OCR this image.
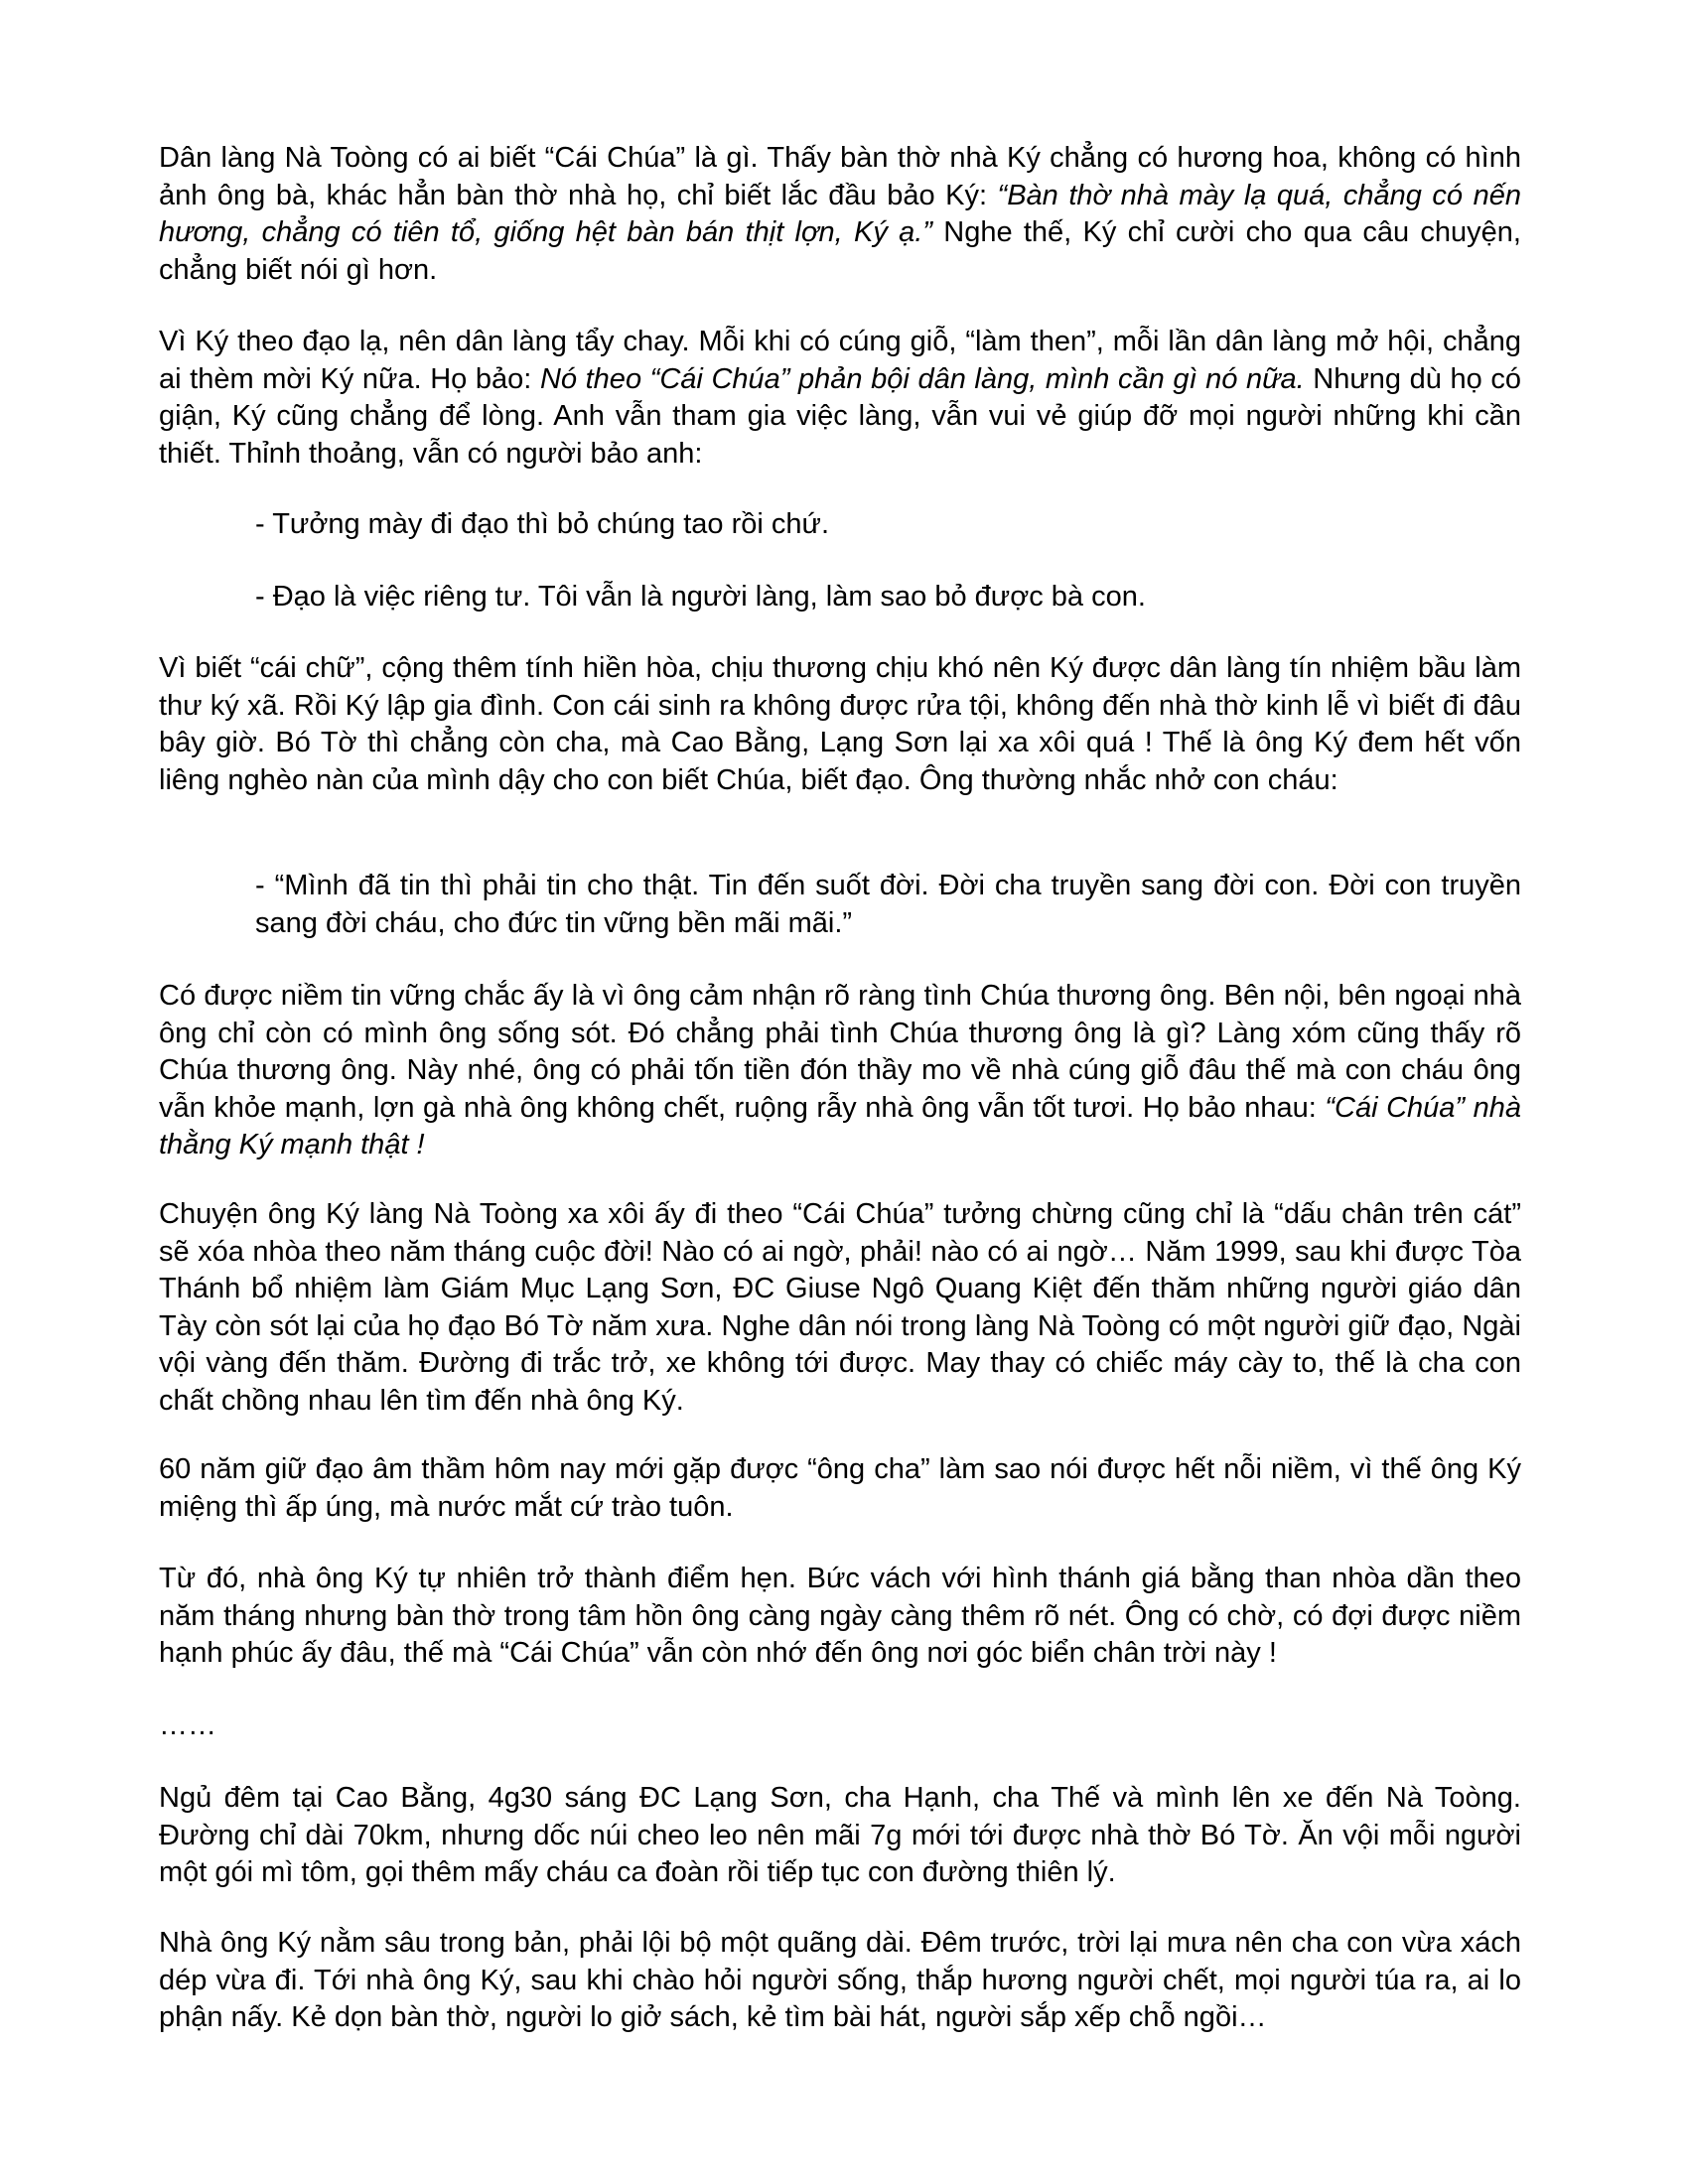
Dân làng Nà Toòng có ai biết “Cái Chúa” là gì. Thấy bàn thờ nhà Ký chẳng có hương hoa, không có hình ảnh ông bà, khác hẳn bàn thờ nhà họ, chỉ biết lắc đầu bảo Ký: “Bàn thờ nhà mày lạ quá, chẳng có nến hương, chẳng có tiên tổ, giống hệt bàn bán thịt lợn, Ký ạ.” Nghe thế, Ký chỉ cười cho qua câu chuyện, chẳng biết nói gì hơn.

Vì Ký theo đạo lạ, nên dân làng tẩy chay. Mỗi khi có cúng giỗ, “làm then”, mỗi lần dân làng mở hội, chẳng ai thèm mời Ký nữa. Họ bảo: Nó theo “Cái Chúa” phản bội dân làng, mình cần gì nó nữa. Nhưng dù họ có giận, Ký cũng chẳng để lòng. Anh vẫn tham gia việc làng, vẫn vui vẻ giúp đỡ mọi người những khi cần thiết. Thỉnh thoảng, vẫn có người bảo anh:

- Tưởng mày đi đạo thì bỏ chúng tao rồi chứ.

- Đạo là việc riêng tư. Tôi vẫn là người làng, làm sao bỏ được bà con.

Vì biết “cái chữ”, cộng thêm tính hiền hòa, chịu thương chịu khó nên Ký được dân làng tín nhiệm bầu làm thư ký xã. Rồi Ký lập gia đình. Con cái sinh ra không được rửa tội, không đến nhà thờ kinh lễ vì biết đi đâu bây giờ. Bó Tờ thì chẳng còn cha, mà Cao Bằng, Lạng Sơn lại xa xôi quá ! Thế là ông Ký đem hết vốn liêng nghèo nàn của mình dậy cho con biết Chúa, biết đạo. Ông thường nhắc nhở con cháu:

- “Mình đã tin thì phải tin cho thật. Tin đến suốt đời. Đời cha truyền sang đời con. Đời con truyền sang đời cháu, cho đức tin vững bền mãi mãi.”

Có được niềm tin vững chắc ấy là vì ông cảm nhận rõ ràng tình Chúa thương ông. Bên nội, bên ngoại nhà ông chỉ còn có mình ông sống sót. Đó chẳng phải tình Chúa thương ông là gì? Làng xóm cũng thấy rõ Chúa thương ông. Này nhé, ông có phải tốn tiền đón thầy mo về nhà cúng giỗ đâu thế mà con cháu ông vẫn khỏe mạnh, lợn gà nhà ông không chết, ruộng rẫy nhà ông vẫn tốt tươi. Họ bảo nhau: “Cái Chúa” nhà thằng Ký mạnh thật !

Chuyện ông Ký làng Nà Toòng xa xôi ấy đi theo “Cái Chúa” tưởng chừng cũng chỉ là “dấu chân trên cát” sẽ xóa nhòa theo năm tháng cuộc đời! Nào có ai ngờ, phải! nào có ai ngờ… Năm 1999, sau khi được Tòa Thánh bổ nhiệm làm Giám Mục Lạng Sơn, ĐC Giuse Ngô Quang Kiệt đến thăm những người giáo dân Tày còn sót lại của họ đạo Bó Tờ năm xưa. Nghe dân nói trong làng Nà Toòng có một người giữ đạo, Ngài vội vàng đến thăm. Đường đi trắc trở, xe không tới được. May thay có chiếc máy cày to, thế là cha con chất chồng nhau lên tìm đến nhà ông Ký.

60 năm giữ đạo âm thầm hôm nay mới gặp được “ông cha” làm sao nói được hết nỗi niềm, vì thế ông Ký miệng thì ấp úng, mà nước mắt cứ trào tuôn.

Từ đó, nhà ông Ký tự nhiên trở thành điểm hẹn. Bức vách với hình thánh giá bằng than nhòa dần theo năm tháng nhưng bàn thờ trong tâm hồn ông càng ngày càng thêm rõ nét. Ông có chờ, có đợi được niềm hạnh phúc ấy đâu, thế mà “Cái Chúa” vẫn còn nhớ đến ông nơi góc biển chân trời này !

……

Ngủ đêm tại Cao Bằng, 4g30 sáng ĐC Lạng Sơn, cha Hạnh, cha Thế và mình lên xe đến Nà Toòng. Đường chỉ dài 70km, nhưng dốc núi cheo leo nên mãi 7g mới tới được nhà thờ Bó Tờ. Ăn vội mỗi người một gói mì tôm, gọi thêm mấy cháu ca đoàn rồi tiếp tục con đường thiên lý.

Nhà ông Ký nằm sâu trong bản, phải lội bộ một quãng dài. Đêm trước, trời lại mưa nên cha con vừa xách dép vừa đi. Tới nhà ông Ký, sau khi chào hỏi người sống, thắp hương người chết, mọi người túa ra, ai lo phận nấy. Kẻ dọn bàn thờ, người lo giở sách, kẻ tìm bài hát, người sắp xếp chỗ ngồi…
